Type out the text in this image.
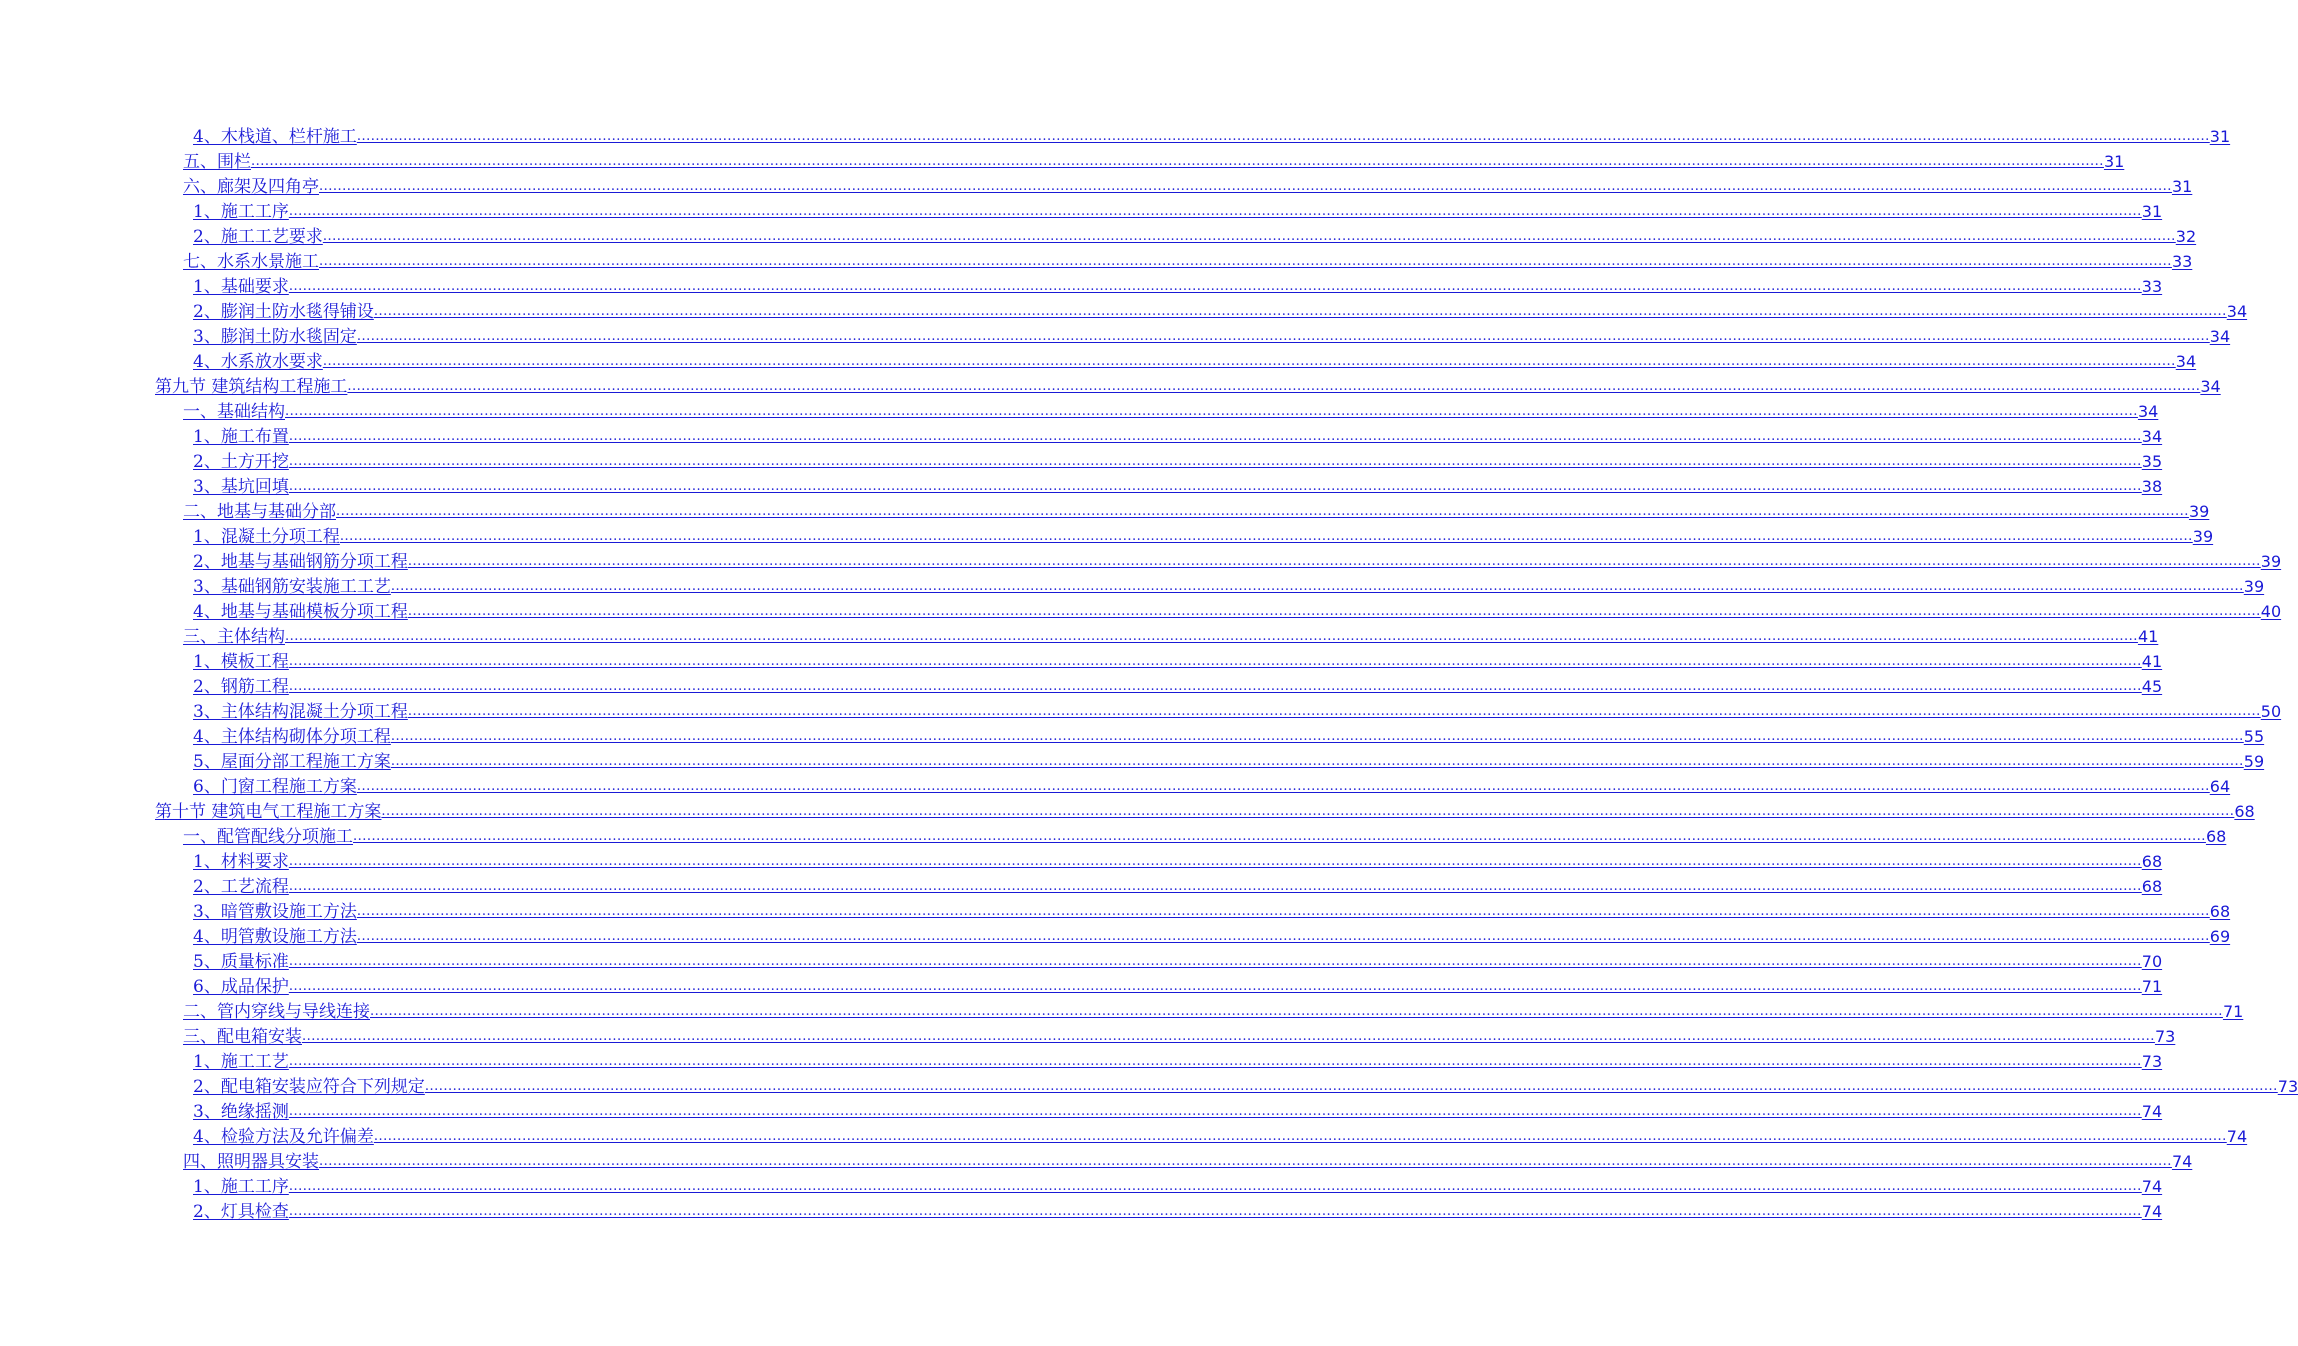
4、木栈道、栏杆施工 ................................................................................................................................................................................................................................................................................................................................................................................................................ 31
五、围栏 ................................................................................................................................................................................................................................................................................................................................................................................................................ 31
六、廊架及四角亭 ................................................................................................................................................................................................................................................................................................................................................................................................................ 31
1、施工工序 ................................................................................................................................................................................................................................................................................................................................................................................................................ 31
2、施工工艺要求 ................................................................................................................................................................................................................................................................................................................................................................................................................ 32
七、水系水景施工 ................................................................................................................................................................................................................................................................................................................................................................................................................ 33
1、基础要求 ................................................................................................................................................................................................................................................................................................................................................................................................................ 33
2、膨润土防水毯得铺设 ................................................................................................................................................................................................................................................................................................................................................................................................................ 34
3、膨润土防水毯固定 ................................................................................................................................................................................................................................................................................................................................................................................................................ 34
4、水系放水要求 ................................................................................................................................................................................................................................................................................................................................................................................................................ 34
第九节 建筑结构工程施工 ................................................................................................................................................................................................................................................................................................................................................................................................................ 34
一、基础结构 ................................................................................................................................................................................................................................................................................................................................................................................................................ 34
1、施工布置 ................................................................................................................................................................................................................................................................................................................................................................................................................ 34
2、土方开挖 ................................................................................................................................................................................................................................................................................................................................................................................................................ 35
3、基坑回填 ................................................................................................................................................................................................................................................................................................................................................................................................................ 38
二、地基与基础分部 ................................................................................................................................................................................................................................................................................................................................................................................................................ 39
1、混凝土分项工程 ................................................................................................................................................................................................................................................................................................................................................................................................................ 39
2、地基与基础钢筋分项工程 ................................................................................................................................................................................................................................................................................................................................................................................................................ 39
3、基础钢筋安装施工工艺 ................................................................................................................................................................................................................................................................................................................................................................................................................ 39
4、地基与基础模板分项工程 ................................................................................................................................................................................................................................................................................................................................................................................................................ 40
三、主体结构 ................................................................................................................................................................................................................................................................................................................................................................................................................ 41
1、模板工程 ................................................................................................................................................................................................................................................................................................................................................................................................................ 41
2、钢筋工程 ................................................................................................................................................................................................................................................................................................................................................................................................................ 45
3、主体结构混凝土分项工程 ................................................................................................................................................................................................................................................................................................................................................................................................................ 50
4、主体结构砌体分项工程 ................................................................................................................................................................................................................................................................................................................................................................................................................ 55
5、屋面分部工程施工方案 ................................................................................................................................................................................................................................................................................................................................................................................................................ 59
6、门窗工程施工方案 ................................................................................................................................................................................................................................................................................................................................................................................................................ 64
第十节 建筑电气工程施工方案 ................................................................................................................................................................................................................................................................................................................................................................................................................ 68
一、配管配线分项施工 ................................................................................................................................................................................................................................................................................................................................................................................................................ 68
1、材料要求 ................................................................................................................................................................................................................................................................................................................................................................................................................ 68
2、工艺流程 ................................................................................................................................................................................................................................................................................................................................................................................................................ 68
3、暗管敷设施工方法 ................................................................................................................................................................................................................................................................................................................................................................................................................ 68
4、明管敷设施工方法 ................................................................................................................................................................................................................................................................................................................................................................................................................ 69
5、质量标准 ................................................................................................................................................................................................................................................................................................................................................................................................................ 70
6、成品保护 ................................................................................................................................................................................................................................................................................................................................................................................................................ 71
二、管内穿线与导线连接 ................................................................................................................................................................................................................................................................................................................................................................................................................ 71
三、配电箱安装 ................................................................................................................................................................................................................................................................................................................................................................................................................ 73
1、施工工艺 ................................................................................................................................................................................................................................................................................................................................................................................................................ 73
2、配电箱安装应符合下列规定 ................................................................................................................................................................................................................................................................................................................................................................................................................ 73
3、绝缘摇测 ................................................................................................................................................................................................................................................................................................................................................................................................................ 74
4、检验方法及允许偏差 ................................................................................................................................................................................................................................................................................................................................................................................................................ 74
四、照明器具安装 ................................................................................................................................................................................................................................................................................................................................................................................................................ 74
1、施工工序 ................................................................................................................................................................................................................................................................................................................................................................................................................ 74
2、灯具检查 ................................................................................................................................................................................................................................................................................................................................................................................................................ 74
